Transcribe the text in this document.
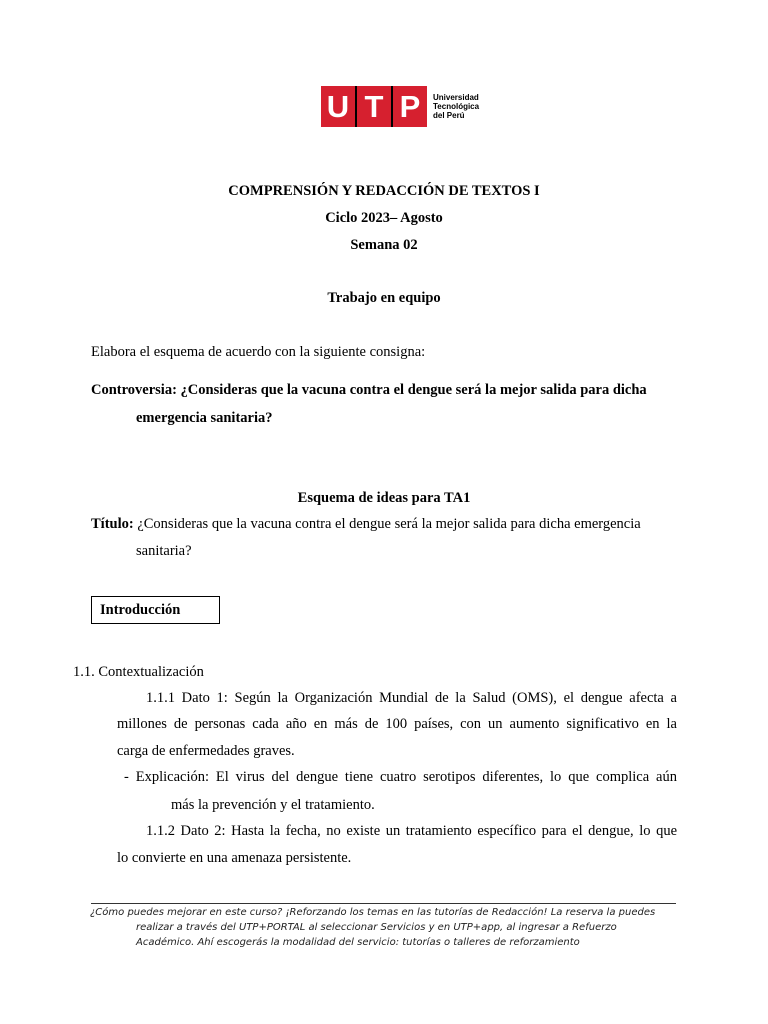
U T P	Universidad
Tecnológica
del Perú
COMPRENSIÓN Y REDACCIÓN DE TEXTOS I
Ciclo 2023– Agosto
Semana 02
Trabajo en equipo
Elabora el esquema de acuerdo con la siguiente consigna:
Controversia: ¿Consideras que la vacuna contra el dengue será la mejor salida para dicha
emergencia sanitaria?
Esquema de ideas para TA1
Título: ¿Consideras que la vacuna contra el dengue será la mejor salida para dicha emergencia
sanitaria?
Introducción
1.1. Contextualización
1.1.1 Dato 1: Según la Organización Mundial de la Salud (OMS), el dengue afecta a
millones de personas cada año en más de 100 países, con un aumento significativo en la
carga de enfermedades graves.
- Explicación: El virus del dengue tiene cuatro serotipos diferentes, lo que complica aún
más la prevención y el tratamiento.
1.1.2 Dato 2: Hasta la fecha, no existe un tratamiento específico para el dengue, lo que
lo convierte en una amenaza persistente.
¿Cómo puedes mejorar en este curso? ¡Reforzando los temas en las tutorías de Redacción! La reserva la puedes
realizar a través del UTP+PORTAL al seleccionar Servicios y en UTP+app, al ingresar a Refuerzo
Académico. Ahí escogerás la modalidad del servicio: tutorías o talleres de reforzamiento
